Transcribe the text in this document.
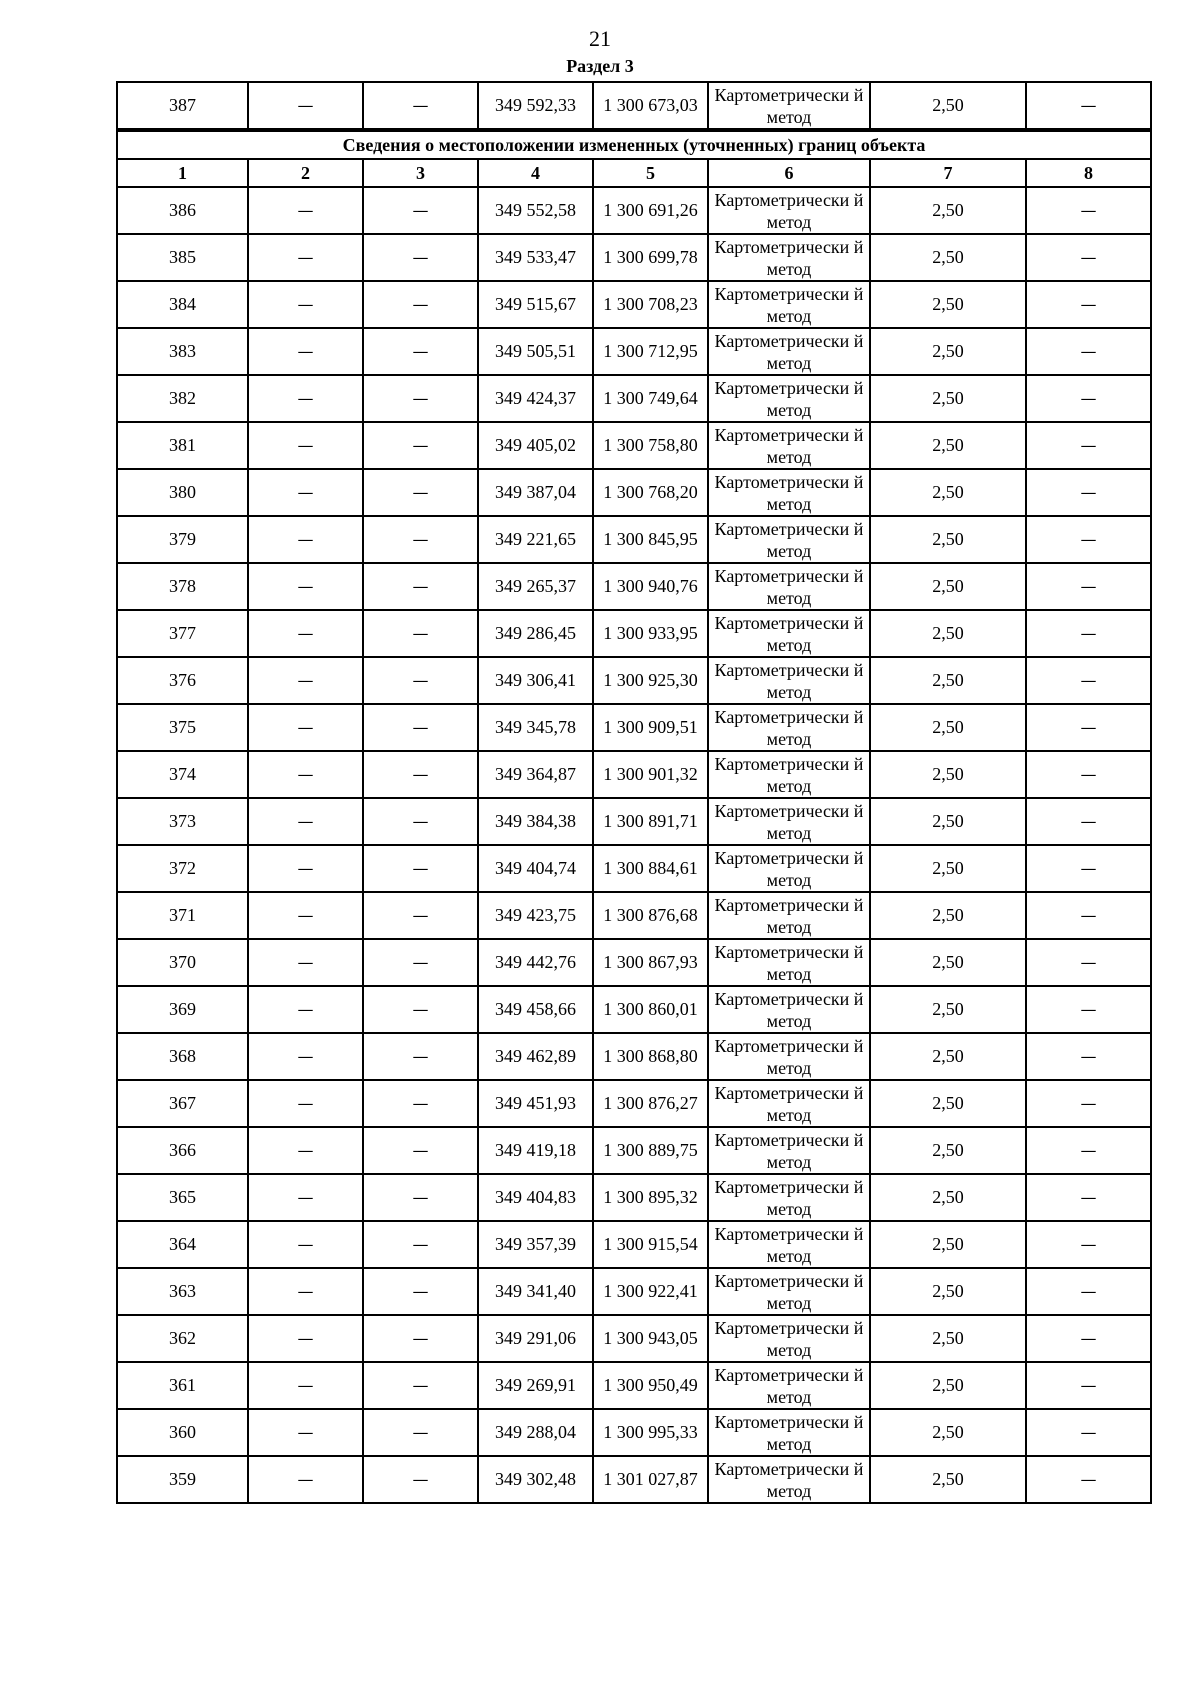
21
Раздел 3
387	—	—	349 592,33	1 300 673,03	Картометрически й метод	2,50	—
Сведения о местоположении измененных (уточненных) границ объекта							
1	2	3	4	5	6	7	8
386	—	—	349 552,58	1 300 691,26	Картометрически й метод	2,50	—
385	—	—	349 533,47	1 300 699,78	Картометрически й метод	2,50	—
384	—	—	349 515,67	1 300 708,23	Картометрически й метод	2,50	—
383	—	—	349 505,51	1 300 712,95	Картометрически й метод	2,50	—
382	—	—	349 424,37	1 300 749,64	Картометрически й метод	2,50	—
381	—	—	349 405,02	1 300 758,80	Картометрически й метод	2,50	—
380	—	—	349 387,04	1 300 768,20	Картометрически й метод	2,50	—
379	—	—	349 221,65	1 300 845,95	Картометрически й метод	2,50	—
378	—	—	349 265,37	1 300 940,76	Картометрически й метод	2,50	—
377	—	—	349 286,45	1 300 933,95	Картометрически й метод	2,50	—
376	—	—	349 306,41	1 300 925,30	Картометрически й метод	2,50	—
375	—	—	349 345,78	1 300 909,51	Картометрически й метод	2,50	—
374	—	—	349 364,87	1 300 901,32	Картометрически й метод	2,50	—
373	—	—	349 384,38	1 300 891,71	Картометрически й метод	2,50	—
372	—	—	349 404,74	1 300 884,61	Картометрически й метод	2,50	—
371	—	—	349 423,75	1 300 876,68	Картометрически й метод	2,50	—
370	—	—	349 442,76	1 300 867,93	Картометрически й метод	2,50	—
369	—	—	349 458,66	1 300 860,01	Картометрически й метод	2,50	—
368	—	—	349 462,89	1 300 868,80	Картометрически й метод	2,50	—
367	—	—	349 451,93	1 300 876,27	Картометрически й метод	2,50	—
366	—	—	349 419,18	1 300 889,75	Картометрически й метод	2,50	—
365	—	—	349 404,83	1 300 895,32	Картометрически й метод	2,50	—
364	—	—	349 357,39	1 300 915,54	Картометрически й метод	2,50	—
363	—	—	349 341,40	1 300 922,41	Картометрически й метод	2,50	—
362	—	—	349 291,06	1 300 943,05	Картометрически й метод	2,50	—
361	—	—	349 269,91	1 300 950,49	Картометрически й метод	2,50	—
360	—	—	349 288,04	1 300 995,33	Картометрически й метод	2,50	—
359	—	—	349 302,48	1 301 027,87	Картометрически й метод	2,50	—
